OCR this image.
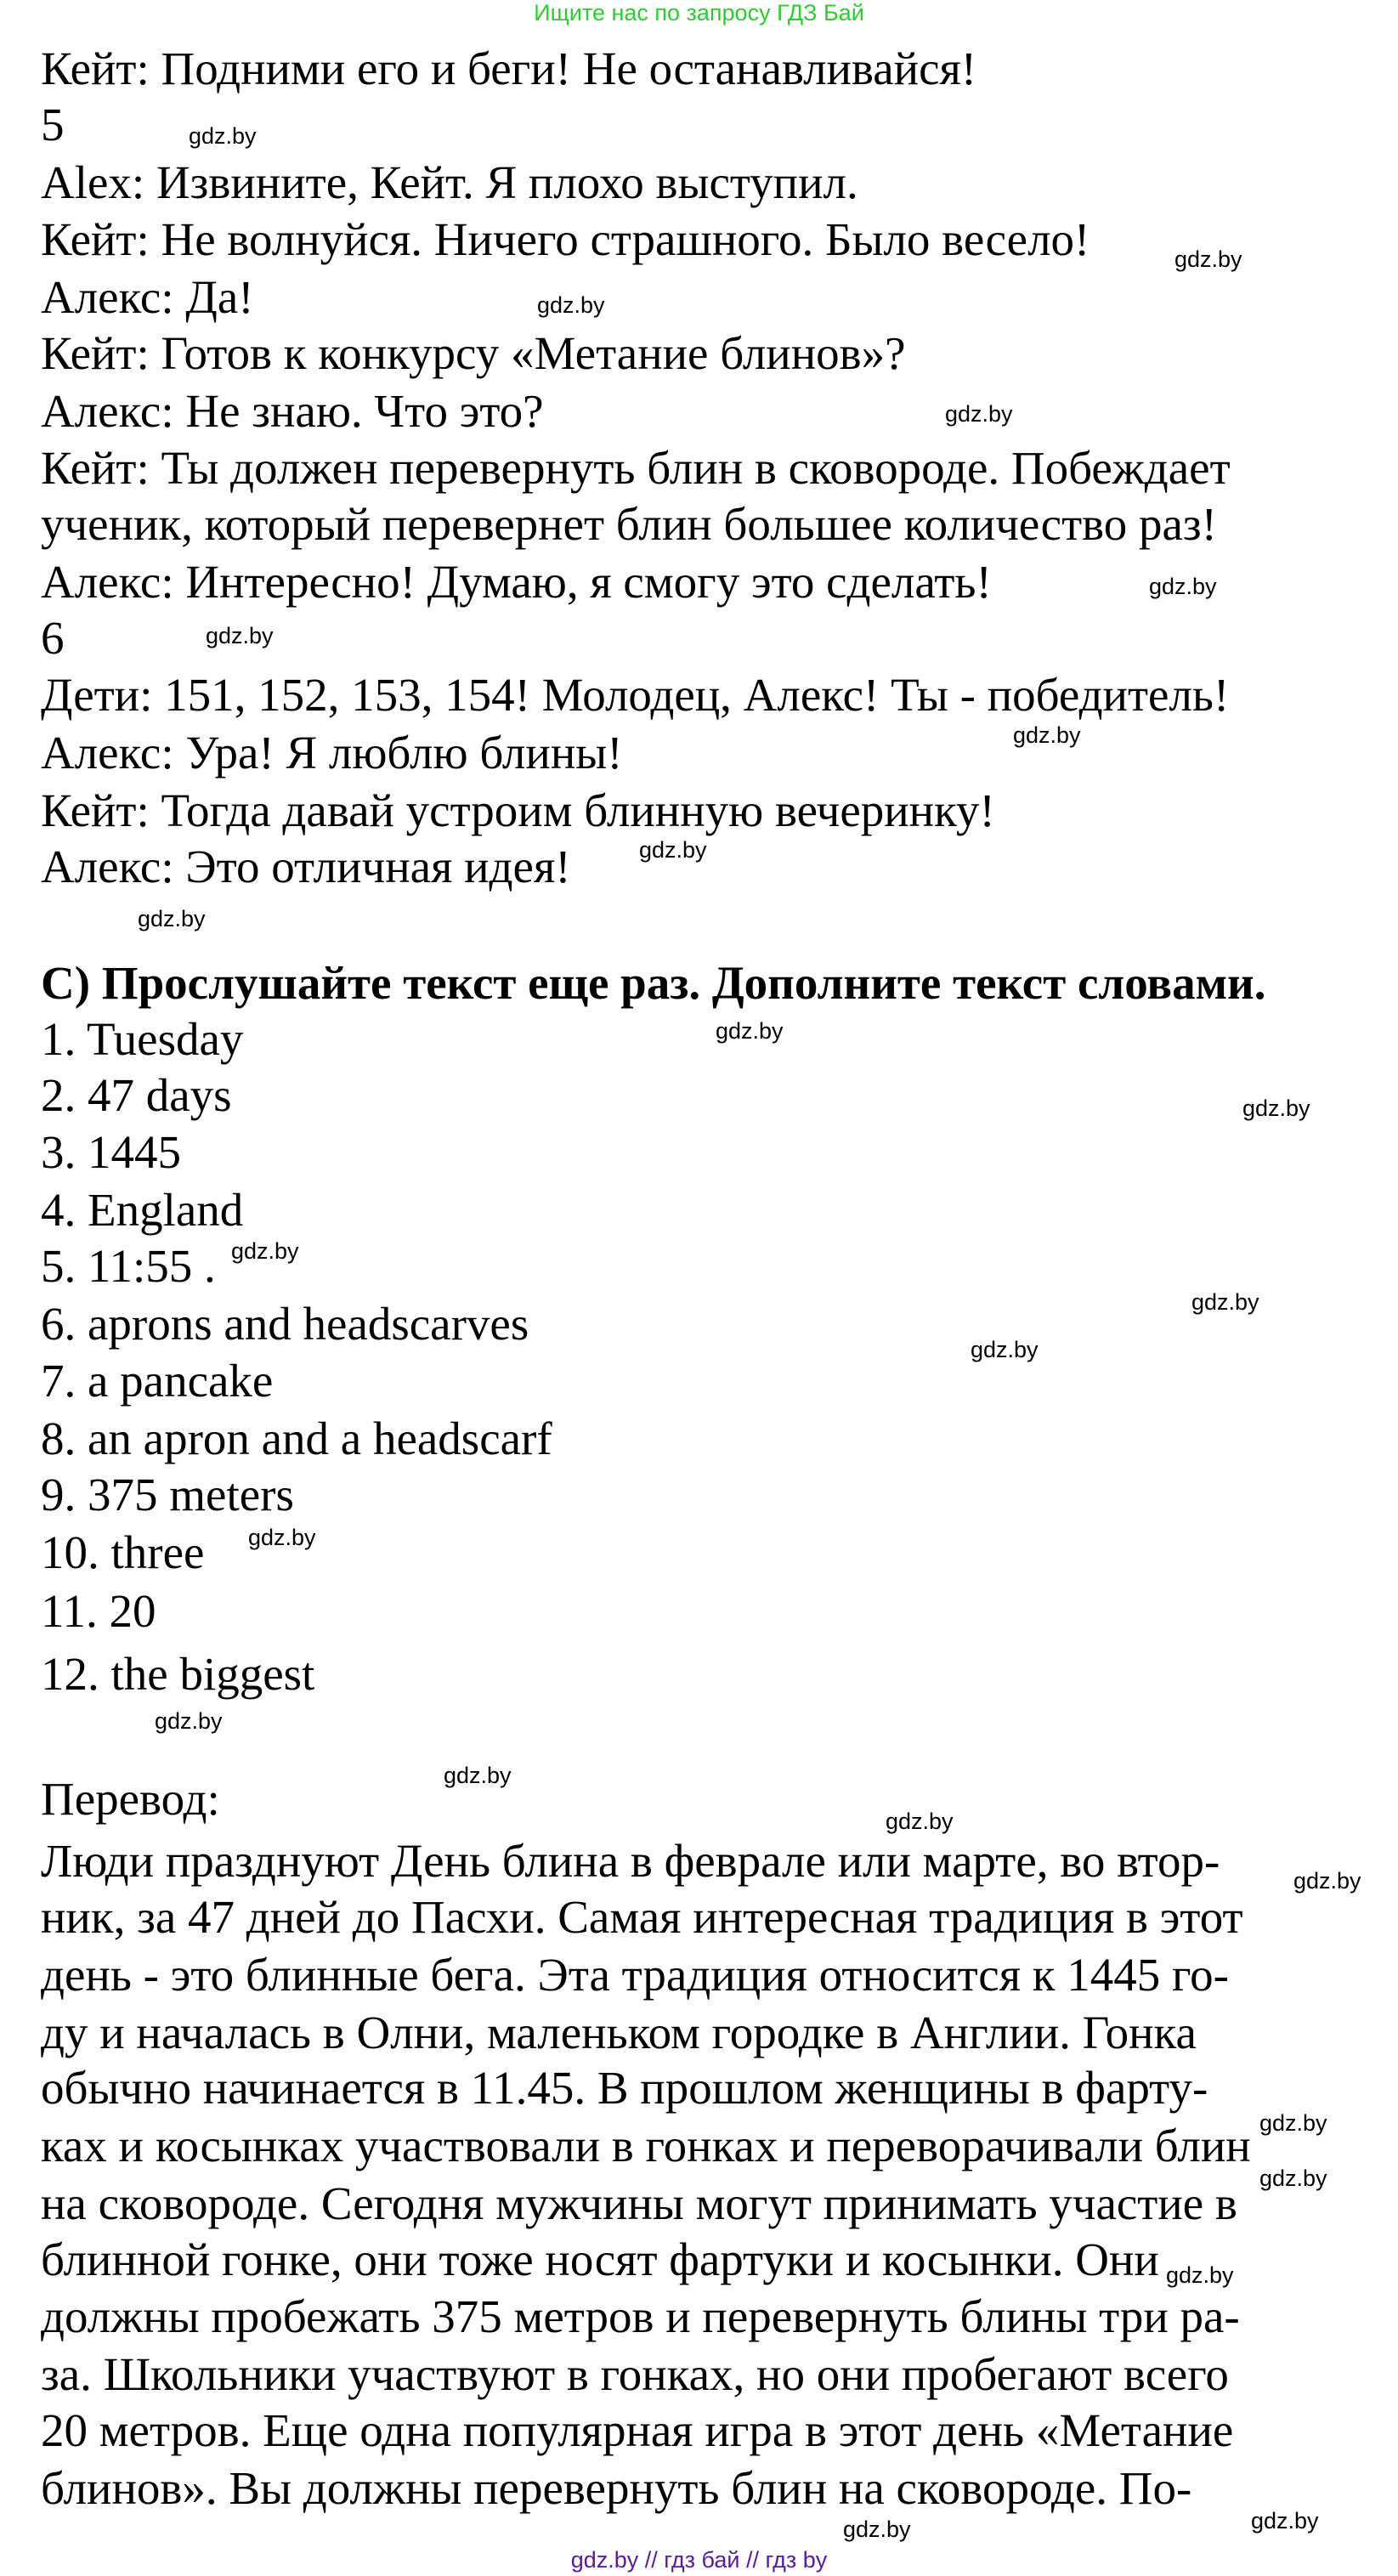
Ищите нас по запросу ГДЗ Бай
Кейт: Подними его и беги! Не останавливайся!
5
Alex: Извините, Кейт. Я плохо выступил.
Кейт: Не волнуйся. Ничего страшного. Было весело!
Алекс: Да!
Кейт: Готов к конкурсу «Метание блинов»?
Алекс: Не знаю. Что это?
Кейт: Ты должен перевернуть блин в сковороде. Побеждает
ученик, который перевернет блин большее количество раз!
Алекс: Интересно! Думаю, я смогу это сделать!
6
Дети: 151, 152, 153, 154! Молодец, Алекс! Ты - победитель!
Алекс: Ура! Я люблю блины!
Кейт: Тогда давай устроим блинную вечеринку!
Алекс: Это отличная идея!
C) Прослушайте текст еще раз. Дополните текст словами.
1. Tuesday
2. 47 days
3. 1445
4. England
5. 11:55 .
6. aprons and headscarves
7. a pancake
8. an apron and a headscarf
9. 375 meters
10. three
11. 20
12. the biggest
Перевод:
Люди празднуют День блина в феврале или марте, во втор-
ник, за 47 дней до Пасхи. Самая интересная традиция в этот
день - это блинные бега. Эта традиция относится к 1445 го-
ду и началась в Олни, маленьком городке в Англии. Гонка
обычно начинается в 11.45. В прошлом женщины в фарту-
ках и косынках участвовали в гонках и переворачивали блин
на сковороде. Сегодня мужчины могут принимать участие в
блинной гонке, они тоже носят фартуки и косынки. Они
должны пробежать 375 метров и перевернуть блины три ра-
за. Школьники участвуют в гонках, но они пробегают всего
20 метров. Еще одна популярная игра в этот день «Метание
блинов». Вы должны перевернуть блин на сковороде. По-
gdz.by
gdz.by
gdz.by
gdz.by
gdz.by
gdz.by
gdz.by
gdz.by
gdz.by
gdz.by
gdz.by
gdz.by
gdz.by
gdz.by
gdz.by
gdz.by
gdz.by
gdz.by
gdz.by
gdz.by
gdz.by
gdz.by
gdz.by	gdz.by
gdz.by // гдз бай // гдз by
